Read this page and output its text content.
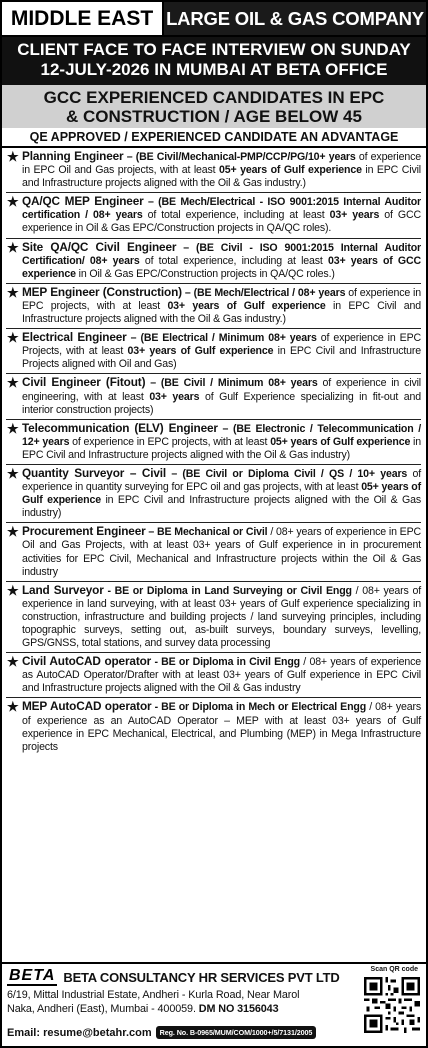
MIDDLE EAST LARGE OIL & GAS COMPANY
CLIENT FACE TO FACE INTERVIEW ON SUNDAY
12-JULY-2026 IN MUMBAI AT BETA OFFICE
GCC EXPERIENCED CANDIDATES IN EPC
& CONSTRUCTION / AGE BELOW 45
QE APPROVED / EXPERIENCED CANDIDATE AN ADVANTAGE
★ Planning Engineer – (BE Civil/Mechanical-PMP/CCP/PG/10+ years of experience in EPC Oil and Gas projects, with at least 05+ years of Gulf experience in EPC Civil and Infrastructure projects aligned with the Oil & Gas industry.)
★ QA/QC MEP Engineer – (BE Mech/Electrical - ISO 9001:2015 Internal Auditor certification / 08+ years of total experience, including at least 03+ years of GCC experience in Oil & Gas EPC/Construction projects in QA/QC roles).
★ Site QA/QC Civil Engineer – (BE Civil - ISO 9001:2015 Internal Auditor Certification/ 08+ years of total experience, including at least 03+ years of GCC experience in Oil & Gas EPC/Construction projects in QA/QC roles.)
★ MEP Engineer (Construction) – (BE Mech/Electrical / 08+ years of experience in EPC projects, with at least 03+ years of Gulf experience in EPC Civil and Infrastructure projects aligned with the Oil & Gas industry.)
★ Electrical Engineer – (BE Electrical / Minimum 08+ years of experience in EPC Projects, with at least 03+ years of Gulf experience in EPC Civil and Infrastructure Projects aligned with Oil and Gas)
★ Civil Engineer (Fitout) – (BE Civil / Minimum 08+ years of experience in civil engineering, with at least 03+ years of Gulf Experience specializing in fit-out and interior construction projects)
★ Telecommunication (ELV) Engineer – (BE Electronic / Telecommunication / 12+ years of experience in EPC projects, with at least 05+ years of Gulf experience in EPC Civil and Infrastructure projects aligned with the Oil & Gas industry)
★ Quantity Surveyor – Civil – (BE Civil or Diploma Civil / QS / 10+ years of experience in quantity surveying for EPC oil and gas projects, with at least 05+ years of Gulf experience in EPC Civil and Infrastructure projects aligned with the Oil & Gas industry)
★ Procurement Engineer – BE Mechanical or Civil / 08+ years of experience in EPC Oil and Gas Projects, with at least 03+ years of Gulf experience in in procurement activities for EPC Civil, Mechanical and Infrastructure projects within the Oil & Gas industry
★ Land Surveyor - BE or Diploma in Land Surveying or Civil Engg / 08+ years of experience in land surveying, with at least 03+ years of Gulf experience specializing in construction, infrastructure and building projects / land surveying principles, including topographic surveys, setting out, as-built surveys, boundary surveys, levelling, GPS/GNSS, total stations, and survey data processing
★ Civil AutoCAD operator - BE or Diploma in Civil Engg / 08+ years of experience as AutoCAD Operator/Drafter with at least 03+ years of Gulf experience in EPC Civil and Infrastructure projects aligned with the Oil & Gas industry
★ MEP AutoCAD operator - BE or Diploma in Mech or Electrical Engg / 08+ years of experience as an AutoCAD Operator – MEP with at least 03+ years of Gulf experience in EPC Mechanical, Electrical, and Plumbing (MEP) in Mega Infrastructure projects
BETA BETA CONSULTANCY HR SERVICES PVT LTD
6/19, Mittal Industrial Estate, Andheri - Kurla Road, Near Marol
Naka, Andheri (East), Mumbai - 400059. DM NO 3156043
Email: resume@betahr.com	Reg. No. B-0965/MUM/COM/1000+/5/7131/2005
Scan QR code
